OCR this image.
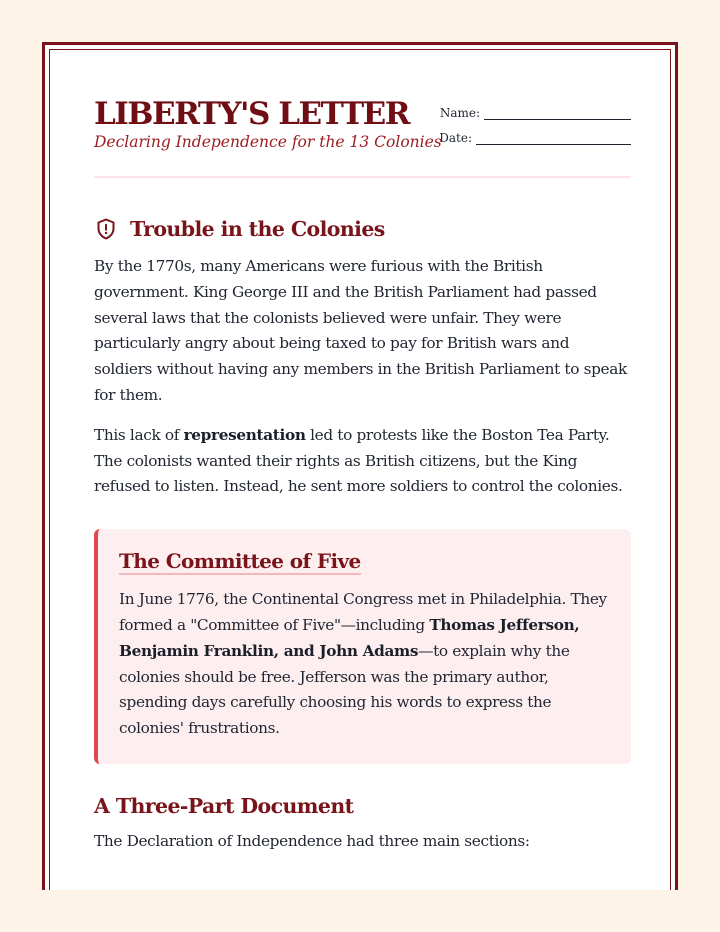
LIBERTY'S LETTER
Declaring Independence for the 13 Colonies
Name:
Date:
Trouble in the Colonies

By the 1770s, many Americans were furious with the British government. King George III and the British Parliament had passed several laws that the colonists believed were unfair. They were particularly angry about being taxed to pay for British wars and soldiers without having any members in the British Parliament to speak for them.

This lack of representation led to protests like the Boston Tea Party. The colonists wanted their rights as British citizens, but the King refused to listen. Instead, he sent more soldiers to control the colonies.

The Committee of Five

In June 1776, the Continental Congress met in Philadelphia. They formed a "Committee of Five"—including Thomas Jefferson, Benjamin Franklin, and John Adams—to explain why the colonies should be free. Jefferson was the primary author, spending days carefully choosing his words to express the colonies' frustrations.

A Three-Part Document

The Declaration of Independence had three main sections:
